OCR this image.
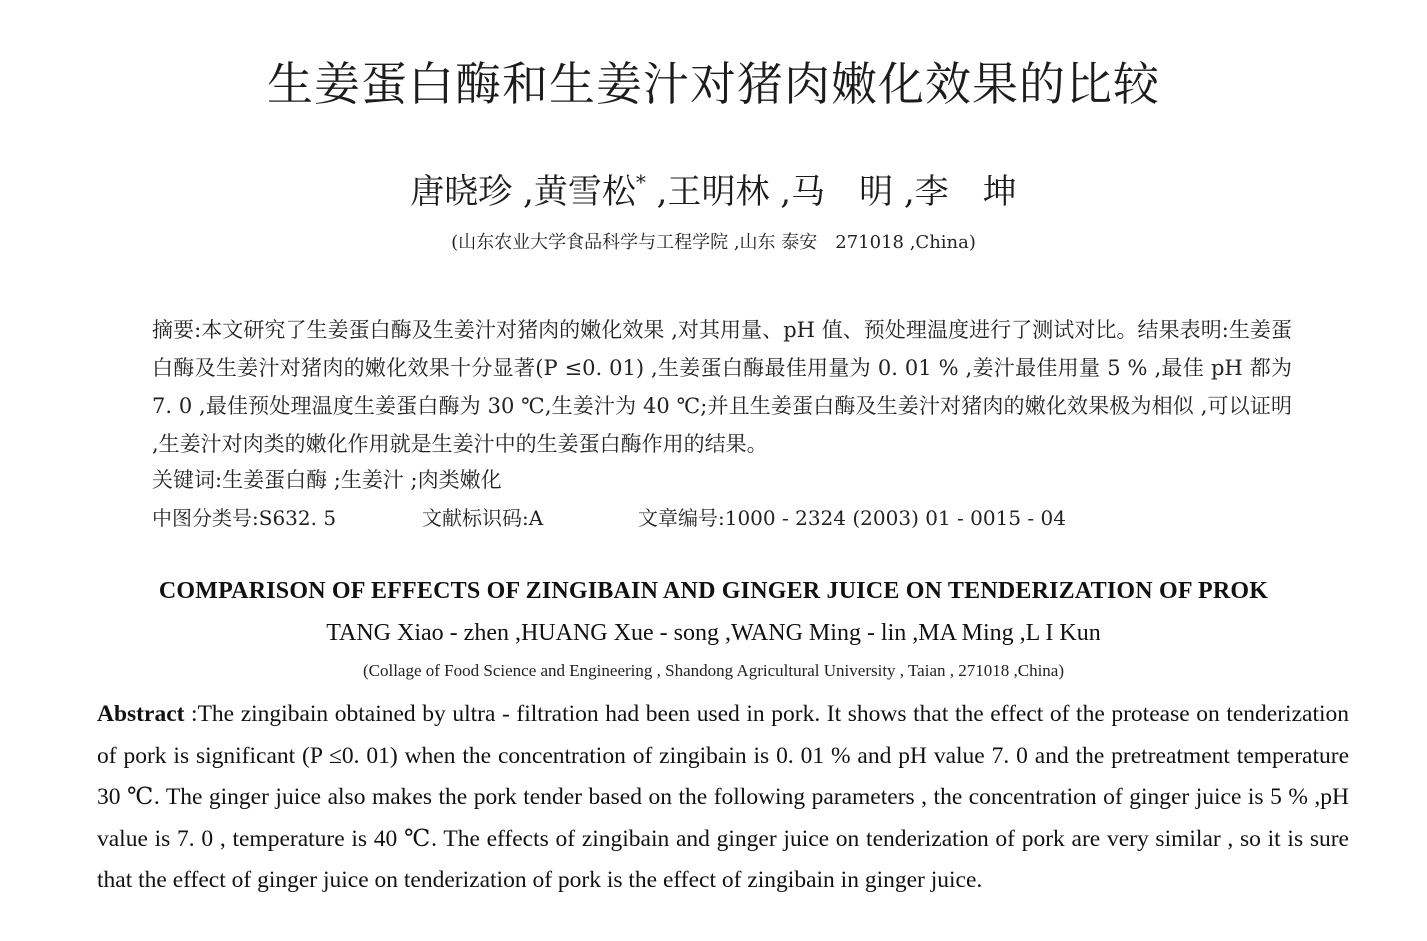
生姜蛋白酶和生姜汁对猪肉嫩化效果的比较
唐晓珍 ,黄雪松* ,王明林 ,马　明 ,李　坤
(山东农业大学食品科学与工程学院 ,山东 泰安　271018 ,China)
摘要:本文研究了生姜蛋白酶及生姜汁对猪肉的嫩化效果 ,对其用量、pH 值、预处理温度进行了测试对比。结果表明:生姜蛋白酶及生姜汁对猪肉的嫩化效果十分显著(P ≤0. 01) ,生姜蛋白酶最佳用量为 0. 01 % ,姜汁最佳用量 5 % ,最佳 pH 都为 7. 0 ,最佳预处理温度生姜蛋白酶为 30 ℃,生姜汁为 40 ℃;并且生姜蛋白酶及生姜汁对猪肉的嫩化效果极为相似 ,可以证明 ,生姜汁对肉类的嫩化作用就是生姜汁中的生姜蛋白酶作用的结果。
关键词:生姜蛋白酶 ;生姜汁 ;肉类嫩化
中图分类号:S632. 5	文献标识码:A	文章编号:1000 - 2324 (2003) 01 - 0015 - 04
COMPARISON OF EFFECTS OF ZINGIBAIN AND GINGER JUICE ON TENDERIZATION OF PROK
TANG Xiao - zhen ,HUANG Xue - song ,WANG Ming - lin ,MA Ming ,L I Kun
(Collage of Food Science and Engineering , Shandong Agricultural University , Taian , 271018 ,China)
Abstract :The zingibain obtained by ultra - filtration had been used in pork. It shows that the effect of the protease on tenderization of pork is significant (P ≤0. 01) when the concentration of zingibain is 0. 01 % and pH value 7. 0 and the pretreatment temperature 30 ℃. The ginger juice also makes the pork tender based on the following parameters , the concentration of ginger juice is 5 % ,pH value is 7. 0 , temperature is 40 ℃. The effects of zingibain and ginger juice on tenderization of pork are very similar , so it is sure that the effect of ginger juice on tenderization of pork is the effect of zingibain in ginger juice.
